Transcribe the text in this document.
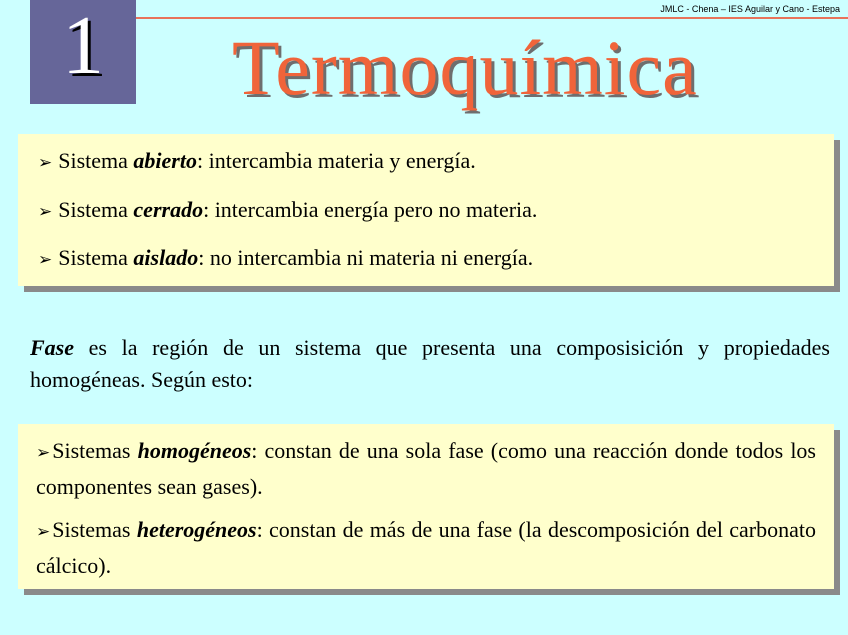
1	JMLC - Chena – IES Aguilar y Cano - Estepa
Termoquímica
➢ Sistema abierto: intercambia materia y energía.
➢ Sistema cerrado: intercambia energía pero no materia.
➢ Sistema aislado: no intercambia ni materia ni energía.
Fase es la región de un sistema que presenta una composisición y propiedades homogéneas. Según esto:
➢Sistemas homogéneos: constan de una sola fase (como una reacción donde todos los componentes sean gases).
➢Sistemas heterogéneos: constan de más de una fase (la descomposición del carbonato cálcico).
